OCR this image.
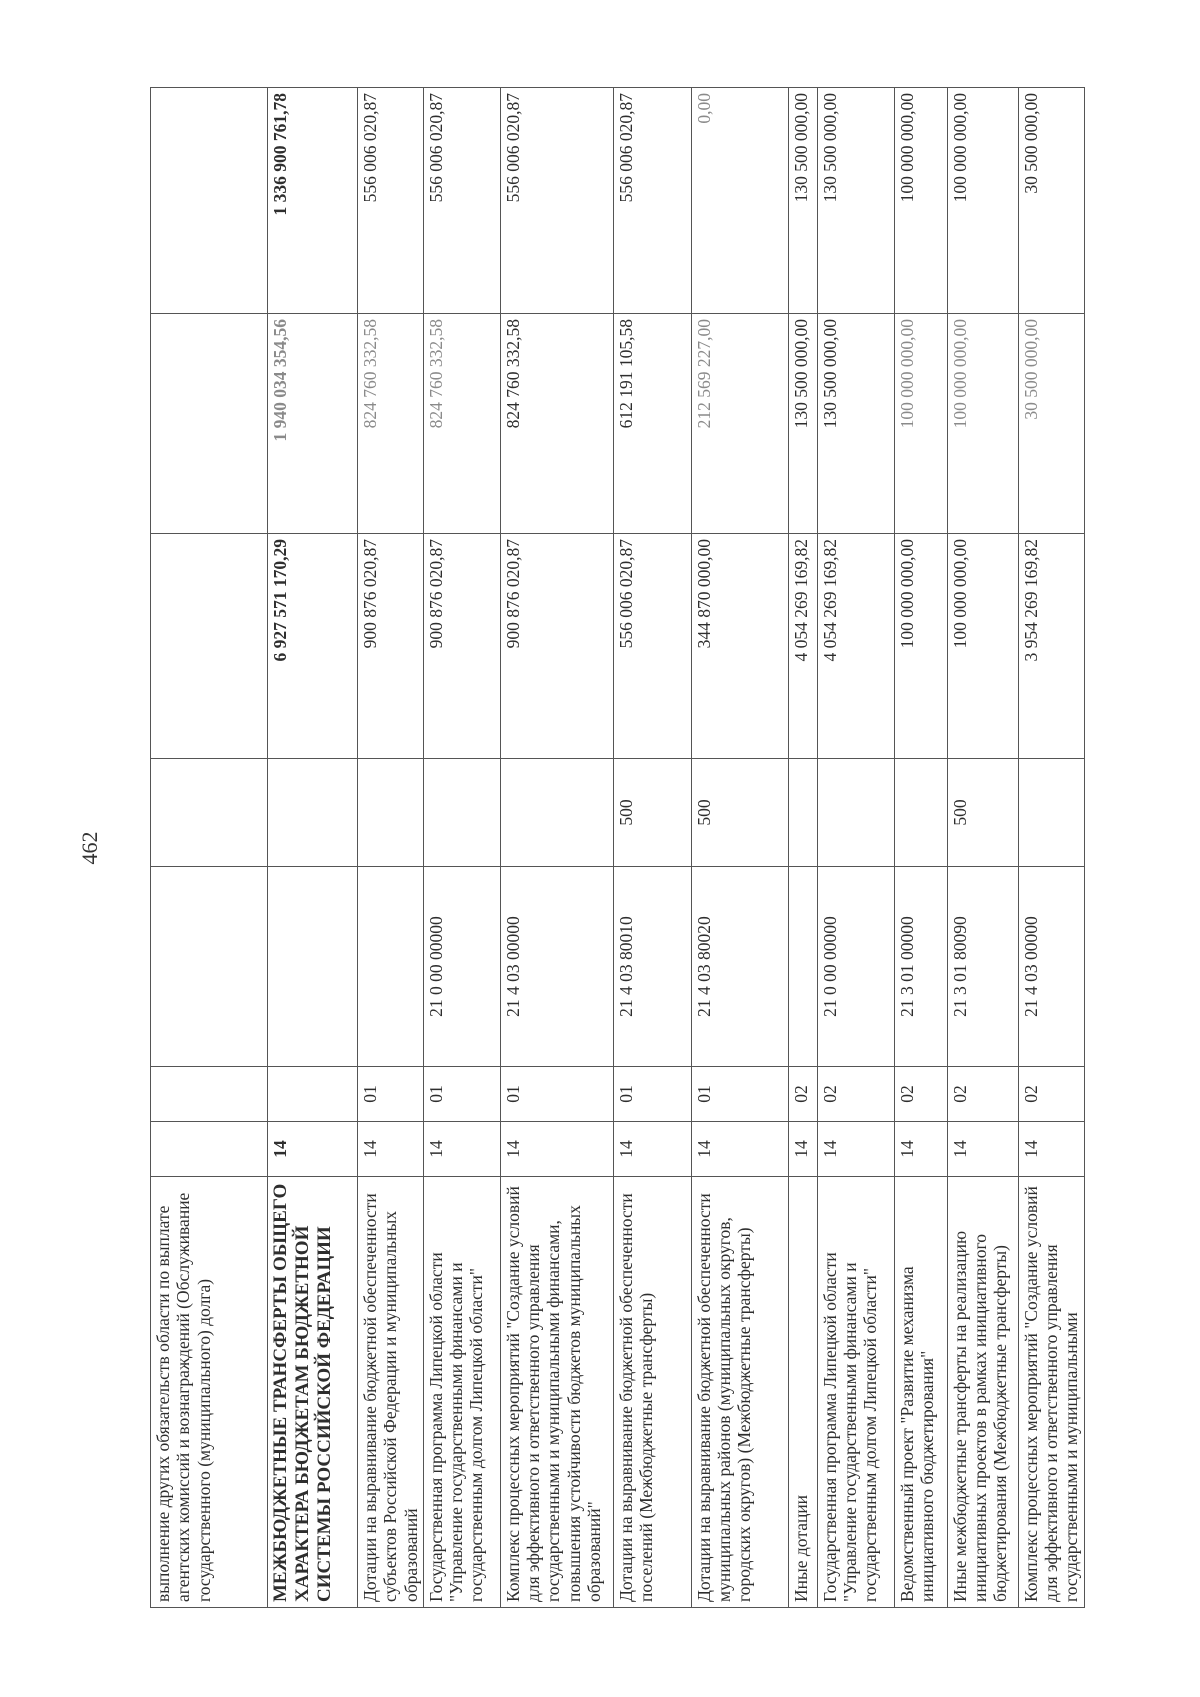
462
выполнение других обязательств области по выплате агентских комиссий и вознаграждений (Обслуживание государственного (муниципального) долга)							
МЕЖБЮДЖЕТНЫЕ ТРАНСФЕРТЫ ОБЩЕГО ХАРАКТЕРА БЮДЖЕТАМ БЮДЖЕТНОЙ СИСТЕМЫ РОССИЙСКОЙ ФЕДЕРАЦИИ	14				6 927 571 170,29	1 940 034 354,56	1 336 900 761,78
Дотации на выравнивание бюджетной обеспеченности субъектов Российской Федерации и муниципальных образований	14	01			900 876 020,87	824 760 332,58	556 006 020,87
Государственная программа Липецкой области "Управление государственными финансами и государственным долгом Липецкой области"	14	01	21 0 00 00000		900 876 020,87	824 760 332,58	556 006 020,87
Комплекс процессных мероприятий "Создание условий для эффективного и ответственного управления государственными и муниципальными финансами, повышения устойчивости бюджетов муниципальных образований"	14	01	21 4 03 00000		900 876 020,87	824 760 332,58	556 006 020,87
Дотации на выравнивание бюджетной обеспеченности поселений (Межбюджетные трансферты)	14	01	21 4 03 80010	500	556 006 020,87	612 191 105,58	556 006 020,87
Дотации на выравнивание бюджетной обеспеченности муниципальных районов (муниципальных округов, городских округов) (Межбюджетные трансферты)	14	01	21 4 03 80020	500	344 870 000,00	212 569 227,00	0,00
Иные дотации	14	02			4 054 269 169,82	130 500 000,00	130 500 000,00
Государственная программа Липецкой области "Управление государственными финансами и государственным долгом Липецкой области"	14	02	21 0 00 00000		4 054 269 169,82	130 500 000,00	130 500 000,00
Ведомственный проект "Развитие механизма инициативного бюджетирования"	14	02	21 3 01 00000		100 000 000,00	100 000 000,00	100 000 000,00
Иные межбюджетные трансферты на реализацию инициативных проектов в рамках инициативного бюджетирования (Межбюджетные трансферты)	14	02	21 3 01 80090	500	100 000 000,00	100 000 000,00	100 000 000,00
Комплекс процессных мероприятий "Создание условий для эффективного и ответственного управления государственными и муниципальными	14	02	21 4 03 00000		3 954 269 169,82	30 500 000,00	30 500 000,00
